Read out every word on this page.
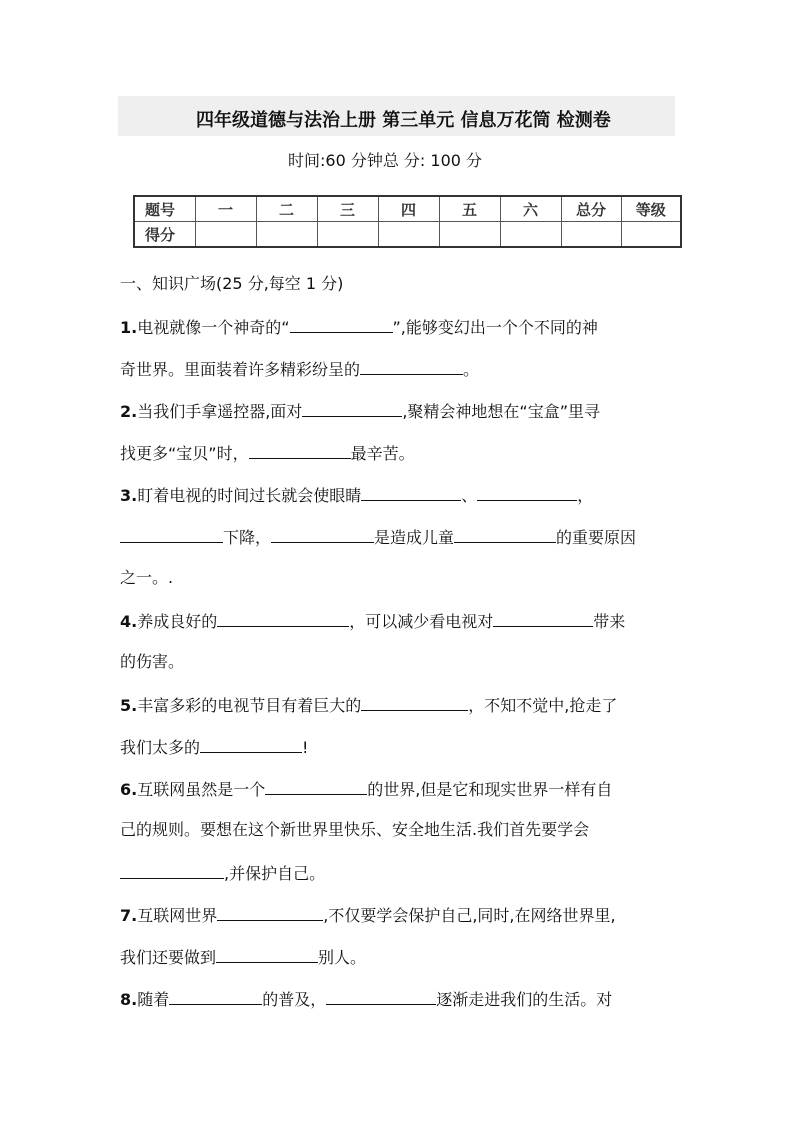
四年级道德与法治上册 第三单元 信息万花筒 检测卷
时间:60 分钟总 分: 100 分
题号	一	二	三	四	五	六	总分	等级
得分								
一、知识广场(25 分,每空 1 分)
1.电视就像一个神奇的“	”,能够变幻出一个个不同的神
奇世界。里面装着许多精彩纷呈的	。
2.当我们手拿遥控器,面对	,聚精会神地想在“宝盒”里寻
找更多“宝贝”时，	最辛苦。
3.盯着电视的时间过长就会使眼睛	、	，
下降，	是造成儿童	的重要原因
之一。.
4.养成良好的	，可以减少看电视对	带来
的伤害。
5.丰富多彩的电视节目有着巨大的	，不知不觉中,抢走了
我们太多的	!
6.互联网虽然是一个	的世界,但是它和现实世界一样有自
己的规则。要想在这个新世界里快乐、安全地生活.我们首先要学会
,并保护自己。
7.互联网世界	,不仅要学会保护自己,同时,在网络世界里,
我们还要做到	别人。
8.随着	的普及，	逐渐走进我们的生活。对
